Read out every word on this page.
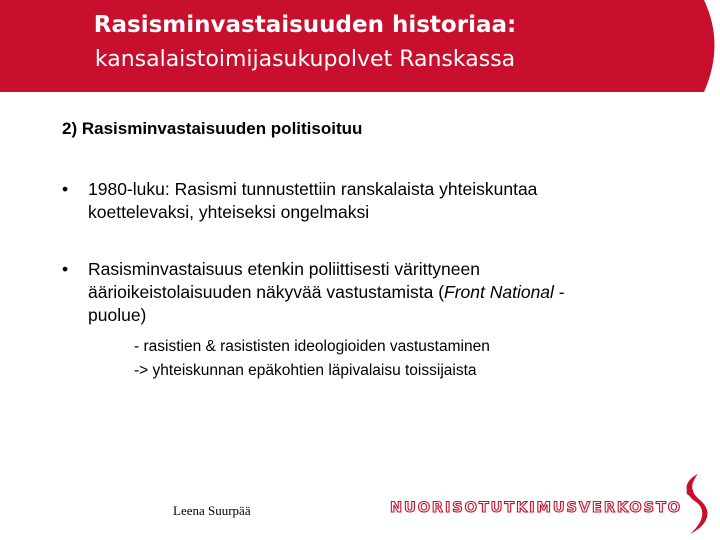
Rasisminvastaisuuden historiaa:
kansalaistoimijasukupolvet Ranskassa
2) Rasisminvastaisuuden politisoituu
• 1980-luku: Rasismi tunnustettiin ranskalaista yhteiskuntaa
koettelevaksi, yhteiseksi ongelmaksi
• Rasisminvastaisuus etenkin poliittisesti värittyneen
äärioikeistolaisuuden näkyvää vastustamista (Front National -
puolue)
- rasistien & rasististen ideologioiden vastustaminen
-> yhteiskunnan epäkohtien läpivalaisu toissijaista
Leena Suurpää	NUORISOTUTKIMUSVERKOSTO
